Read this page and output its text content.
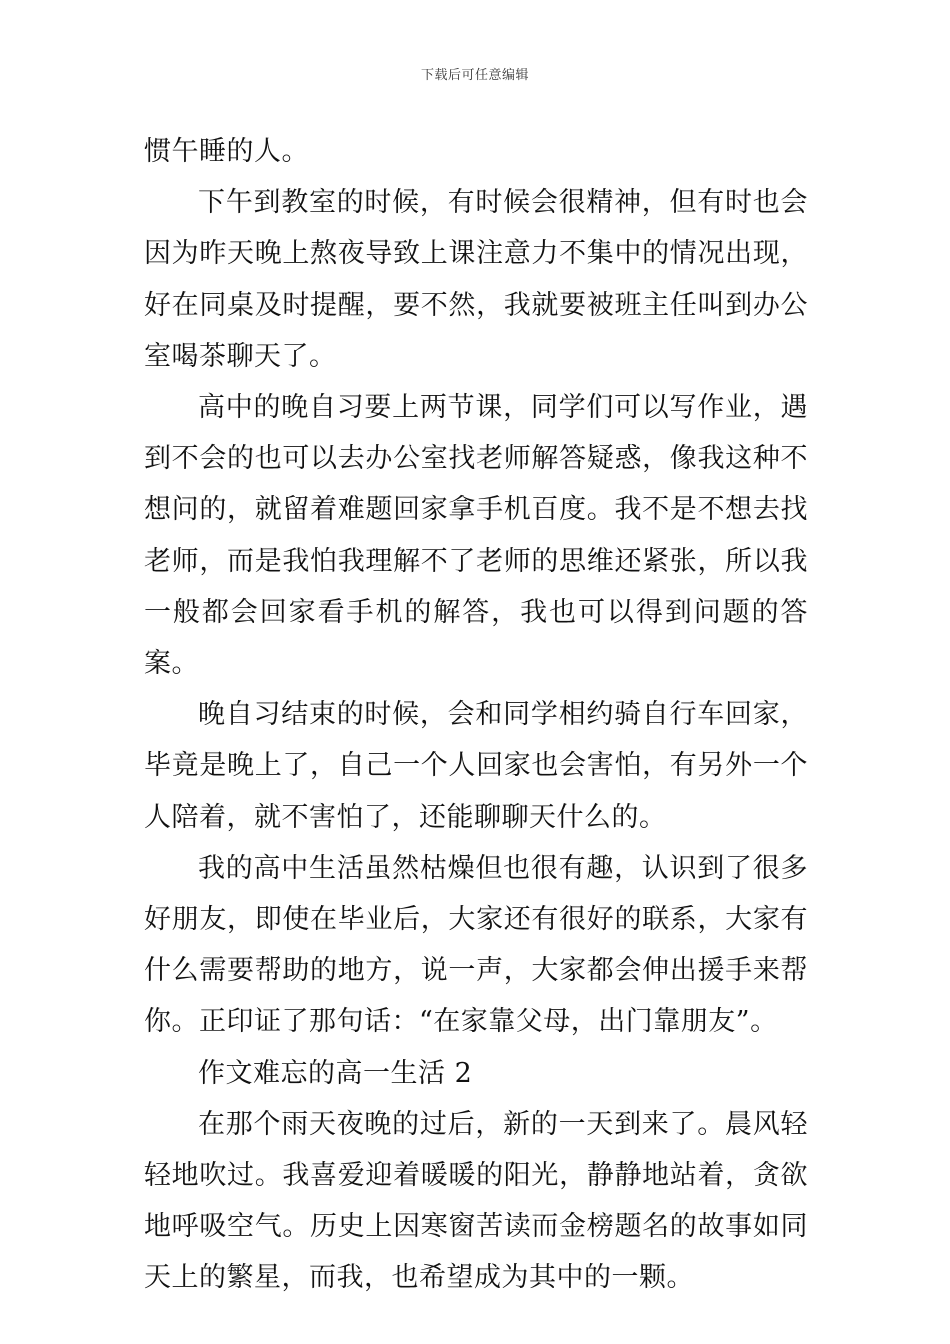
下载后可任意编辑

惯午睡的人。

下午到教室的时候，有时候会很精神，但有时也会因为昨天晚上熬夜导致上课注意力不集中的情况出现，好在同桌及时提醒，要不然，我就要被班主任叫到办公室喝茶聊天了。

高中的晚自习要上两节课，同学们可以写作业，遇到不会的也可以去办公室找老师解答疑惑，像我这种不想问的，就留着难题回家拿手机百度。我不是不想去找老师，而是我怕我理解不了老师的思维还紧张，所以我一般都会回家看手机的解答，我也可以得到问题的答案。

晚自习结束的时候，会和同学相约骑自行车回家，毕竟是晚上了，自己一个人回家也会害怕，有另外一个人陪着，就不害怕了，还能聊聊天什么的。

我的高中生活虽然枯燥但也很有趣，认识到了很多好朋友，即使在毕业后，大家还有很好的联系，大家有什么需要帮助的地方，说一声，大家都会伸出援手来帮你。正印证了那句话：“在家靠父母，出门靠朋友”。

作文难忘的高一生活 2

在那个雨天夜晚的过后，新的一天到来了。晨风轻轻地吹过。我喜爱迎着暖暖的阳光，静静地站着，贪欲地呼吸空气。历史上因寒窗苦读而金榜题名的故事如同天上的繁星，而我，也希望成为其中的一颗。
